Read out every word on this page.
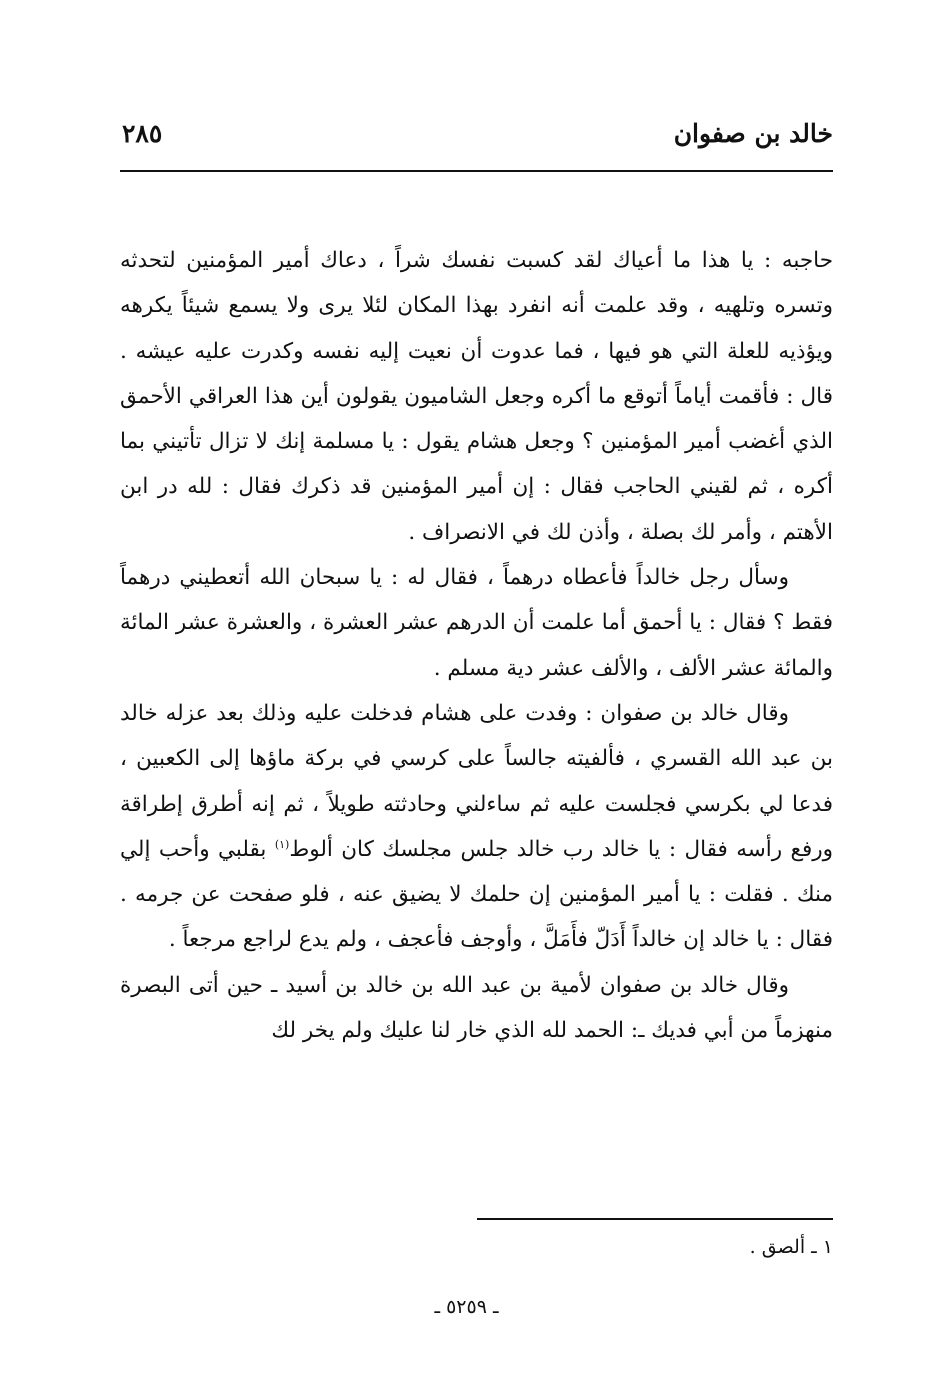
خالد بن صفوان
٢٨٥

حاجبه : يا هذا ما أعياك لقد كسبت نفسك شراً ، دعاك أمير المؤمنين لتحدثه وتسره وتلهيه ، وقد علمت أنه انفرد بهذا المكان لئلا يرى ولا يسمع شيئاً يكرهه ويؤذيه للعلة التي هو فيها ، فما عدوت أن نعيت إليه نفسه وكدرت عليه عيشه . قال : فأقمت أياماً أتوقع ما أكره وجعل الشاميون يقولون أين هذا العراقي الأحمق الذي أغضب أمير المؤمنين ؟ وجعل هشام يقول : يا مسلمة إنك لا تزال تأتيني بما أكره ، ثم لقيني الحاجب فقال : إن أمير المؤمنين قد ذكرك فقال : لله در ابن الأهتم ، وأمر لك بصلة ، وأذن لك في الانصراف .

وسأل رجل خالداً فأعطاه درهماً ، فقال له : يا سبحان الله أتعطيني درهماً فقط ؟ فقال : يا أحمق أما علمت أن الدرهم عشر العشرة ، والعشرة عشر المائة والمائة عشر الألف ، والألف عشر دية مسلم .

وقال خالد بن صفوان : وفدت على هشام فدخلت عليه وذلك بعد عزله خالد بن عبد الله القسري ، فألفيته جالساً على كرسي في بركة ماؤها إلى الكعبين ، فدعا لي بكرسي فجلست عليه ثم ساءلني وحادثته طويلاً ، ثم إنه أطرق إطراقة ورفع رأسه فقال : يا خالد رب خالد جلس مجلسك كان ألوط$^{(١)}$ بقلبي وأحب إلي منك . فقلت : يا أمير المؤمنين إن حلمك لا يضيق عنه ، فلو صفحت عن جرمه . فقال : يا خالد إن خالداً أَدَلّ فأَمَلَّ ، وأوجف فأعجف ، ولم يدع لراجع مرجعاً .

وقال خالد بن صفوان لأمية بن عبد الله بن خالد بن أسيد ـ حين أتى البصرة منهزماً من أبي فديك ـ: الحمد لله الذي خار لنا عليك ولم يخر لك

١ ـ ألصق .

ـ ٥٢٥٩ ـ
